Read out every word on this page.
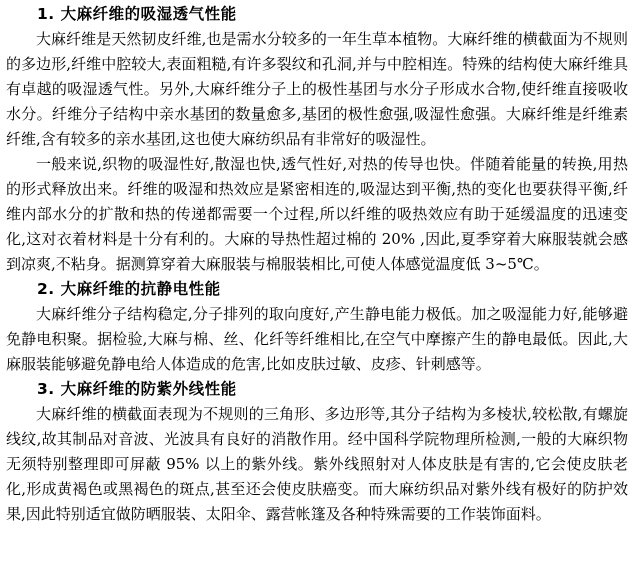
1. 大麻纤维的吸湿透气性能

大麻纤维是天然韧皮纤维,也是需水分较多的一年生草本植物。大麻纤维的横截面为不规则的多边形,纤维中腔较大,表面粗糙,有许多裂纹和孔洞,并与中腔相连。特殊的结构使大麻纤维具有卓越的吸湿透气性。另外,大麻纤维分子上的极性基团与水分子形成水合物,使纤维直接吸收水分。纤维分子结构中亲水基团的数量愈多,基团的极性愈强,吸湿性愈强。大麻纤维是纤维素纤维,含有较多的亲水基团,这也使大麻纺织品有非常好的吸湿性。

一般来说,织物的吸湿性好,散湿也快,透气性好,对热的传导也快。伴随着能量的转换,用热的形式释放出来。纤维的吸湿和热效应是紧密相连的,吸湿达到平衡,热的变化也要获得平衡,纤维内部水分的扩散和热的传递都需要一个过程,所以纤维的吸热效应有助于延缓温度的迅速变化,这对衣着材料是十分有利的。大麻的导热性超过棉的 20% ,因此,夏季穿着大麻服装就会感到凉爽,不粘身。据测算穿着大麻服装与棉服装相比,可使人体感觉温度低 3~5℃。

2. 大麻纤维的抗静电性能

大麻纤维分子结构稳定,分子排列的取向度好,产生静电能力极低。加之吸湿能力好,能够避免静电积聚。据检验,大麻与棉、丝、化纤等纤维相比,在空气中摩擦产生的静电最低。因此,大麻服装能够避免静电给人体造成的危害,比如皮肤过敏、皮疹、针刺感等。

3. 大麻纤维的防紫外线性能

大麻纤维的横截面表现为不规则的三角形、多边形等,其分子结构为多棱状,较松散,有螺旋线纹,故其制品对音波、光波具有良好的消散作用。经中国科学院物理所检测,一般的大麻织物无须特别整理即可屏蔽 95% 以上的紫外线。紫外线照射对人体皮肤是有害的,它会使皮肤老化,形成黄褐色或黑褐色的斑点,甚至还会使皮肤癌变。而大麻纺织品对紫外线有极好的防护效果,因此特别适宜做防晒服装、太阳伞、露营帐篷及各种特殊需要的工作装饰面料。
